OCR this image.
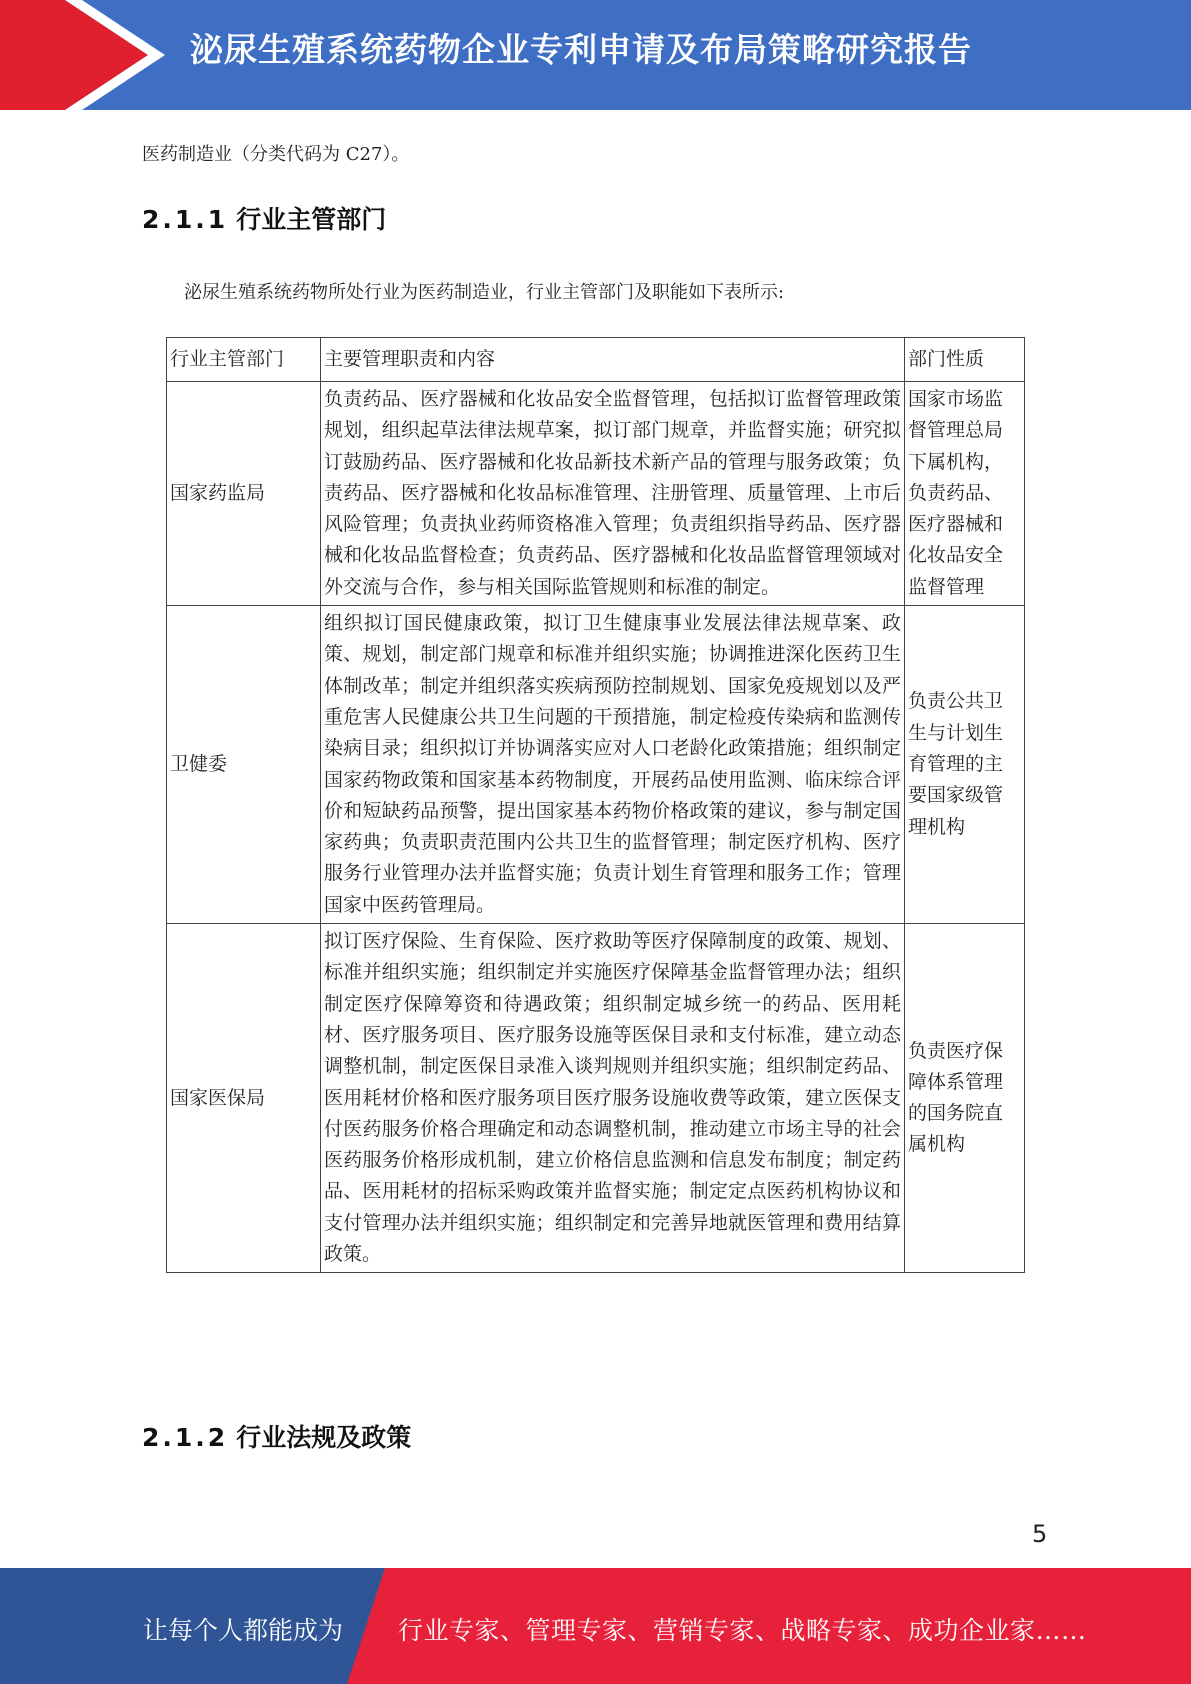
泌尿生殖系统药物企业专利申请及布局策略研究报告
医药制造业（分类代码为 C27）。
2.1.1 行业主管部门
泌尿生殖系统药物所处行业为医药制造业，行业主管部门及职能如下表所示:
行业主管部门	主要管理职责和内容	部门性质
国家药监局	负责药品、医疗器械和化妆品安全监督管理，包括拟订监督管理政策规划，组织起草法律法规草案，拟订部门规章，并监督实施；研究拟订鼓励药品、医疗器械和化妆品新技术新产品的管理与服务政策；负责药品、医疗器械和化妆品标准管理、注册管理、质量管理、上市后风险管理；负责执业药师资格准入管理；负责组织指导药品、医疗器械和化妆品监督检查；负责药品、医疗器械和化妆品监督管理领域对外交流与合作，参与相关国际监管规则和标准的制定。	国家市场监督管理总局下属机构，负责药品、医疗器械和化妆品安全监督管理
卫健委	组织拟订国民健康政策，拟订卫生健康事业发展法律法规草案、政策、规划，制定部门规章和标准并组织实施；协调推进深化医药卫生体制改革；制定并组织落实疾病预防控制规划、国家免疫规划以及严重危害人民健康公共卫生问题的干预措施，制定检疫传染病和监测传染病目录；组织拟订并协调落实应对人口老龄化政策措施；组织制定国家药物政策和国家基本药物制度，开展药品使用监测、临床综合评价和短缺药品预警，提出国家基本药物价格政策的建议，参与制定国家药典；负责职责范围内公共卫生的监督管理；制定医疗机构、医疗服务行业管理办法并监督实施；负责计划生育管理和服务工作；管理国家中医药管理局。	负责公共卫生与计划生育管理的主要国家级管理机构
国家医保局	拟订医疗保险、生育保险、医疗救助等医疗保障制度的政策、规划、标准并组织实施；组织制定并实施医疗保障基金监督管理办法；组织制定医疗保障筹资和待遇政策；组织制定城乡统一的药品、医用耗材、医疗服务项目、医疗服务设施等医保目录和支付标准，建立动态调整机制，制定医保目录准入谈判规则并组织实施；组织制定药品、医用耗材价格和医疗服务项目医疗服务设施收费等政策，建立医保支付医药服务价格合理确定和动态调整机制，推动建立市场主导的社会医药服务价格形成机制，建立价格信息监测和信息发布制度；制定药品、医用耗材的招标采购政策并监督实施；制定定点医药机构协议和支付管理办法并组织实施；组织制定和完善异地就医管理和费用结算政策。	负责医疗保障体系管理的国务院直属机构
2.1.2 行业法规及政策
5
让每个人都能成为 行业专家、管理专家、营销专家、战略专家、成功企业家……
